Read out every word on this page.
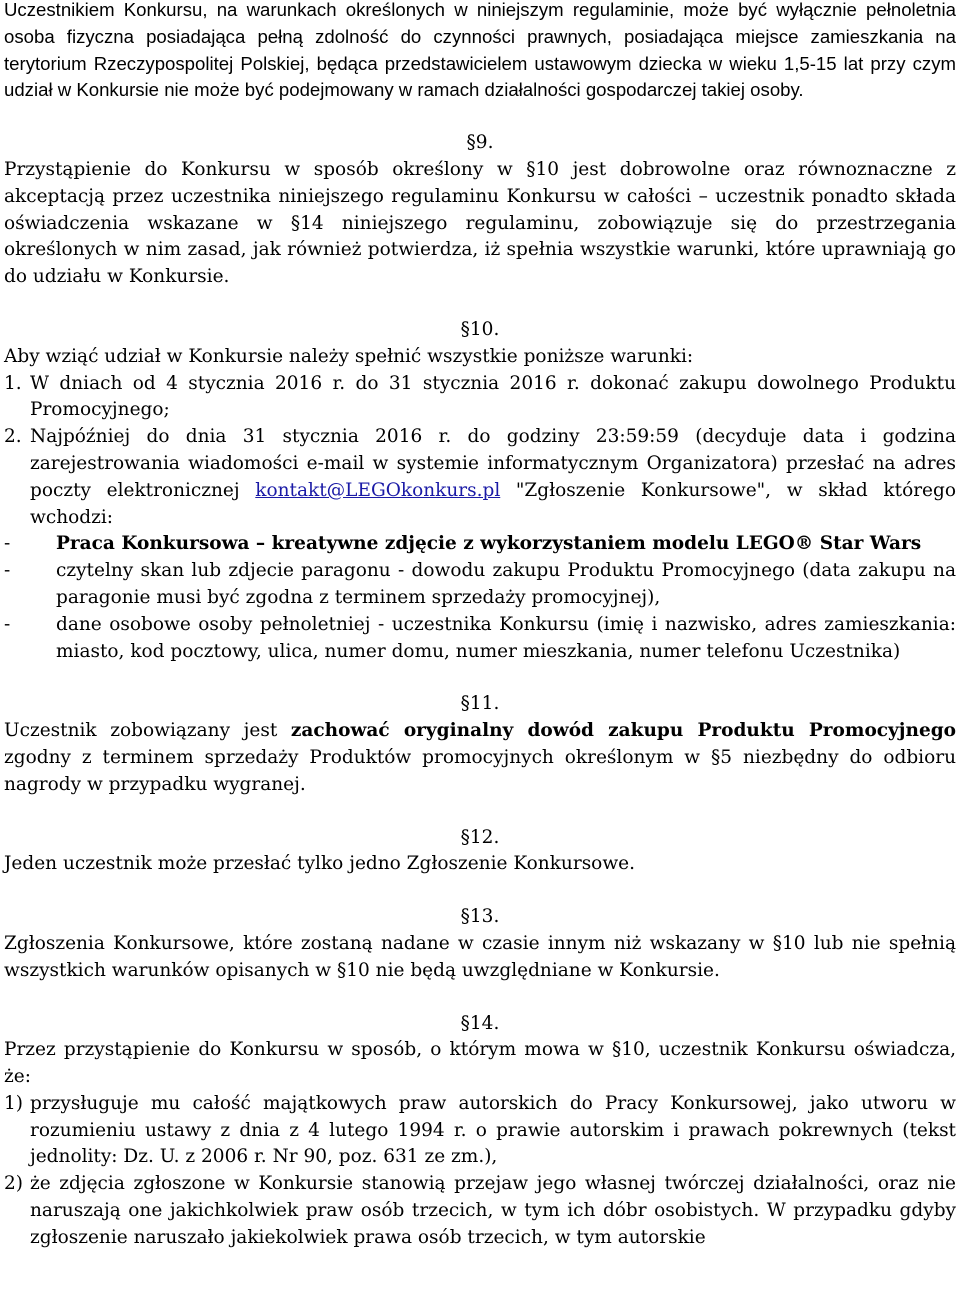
Uczestnikiem Konkursu, na warunkach określonych w niniejszym regulaminie, może być wyłącznie pełnoletnia osoba fizyczna posiadająca pełną zdolność do czynności prawnych, posiadająca miejsce zamieszkania na terytorium Rzeczypospolitej Polskiej, będąca przedstawicielem ustawowym dziecka w wieku 1,5-15 lat przy czym udział w Konkursie nie może być podejmowany w ramach działalności gospodarczej takiej osoby.

§9.

Przystąpienie do Konkursu w sposób określony w §10 jest dobrowolne oraz równoznaczne z akceptacją przez uczestnika niniejszego regulaminu Konkursu w całości – uczestnik ponadto składa oświadczenia wskazane w §14 niniejszego regulaminu, zobowiązuje się do przestrzegania określonych w nim zasad, jak również potwierdza, iż spełnia wszystkie warunki, które uprawniają go do udziału w Konkursie.

§10.

Aby wziąć udział w Konkursie należy spełnić wszystkie poniższe warunki:

1. W dniach od 4 stycznia 2016 r. do 31 stycznia 2016 r. dokonać zakupu dowolnego Produktu Promocyjnego;
2. Najpóźniej do dnia 31 stycznia 2016 r. do godziny 23:59:59 (decyduje data i godzina zarejestrowania wiadomości e-mail w systemie informatycznym Organizatora) przesłać na adres poczty elektronicznej kontakt@LEGOkonkurs.pl "Zgłoszenie Konkursowe", w skład którego wchodzi:
-	Praca Konkursowa – kreatywne zdjęcie z wykorzystaniem modelu LEGO® Star Wars
-	czytelny skan lub zdjecie paragonu - dowodu zakupu Produktu Promocyjnego (data zakupu na paragonie musi być zgodna z terminem sprzedaży promocyjnej),
-	dane osobowe osoby pełnoletniej - uczestnika Konkursu (imię i nazwisko, adres zamieszkania: miasto, kod pocztowy, ulica, numer domu, numer mieszkania, numer telefonu Uczestnika)

§11.

Uczestnik zobowiązany jest zachować oryginalny dowód zakupu Produktu Promocyjnego zgodny z terminem sprzedaży Produktów promocyjnych określonym w §5 niezbędny do odbioru nagrody w przypadku wygranej.

§12.

Jeden uczestnik może przesłać tylko jedno Zgłoszenie Konkursowe.

§13.

Zgłoszenia Konkursowe, które zostaną nadane w czasie innym niż wskazany w §10 lub nie spełnią wszystkich warunków opisanych w §10 nie będą uwzględniane w Konkursie.

§14.

Przez przystąpienie do Konkursu w sposób, o którym mowa w §10, uczestnik Konkursu oświadcza, że:

1) przysługuje mu całość majątkowych praw autorskich do Pracy Konkursowej, jako utworu w rozumieniu ustawy z dnia z 4 lutego 1994 r. o prawie autorskim i prawach pokrewnych (tekst jednolity: Dz. U. z 2006 r. Nr 90, poz. 631 ze zm.),
2) że zdjęcia zgłoszone w Konkursie stanowią przejaw jego własnej twórczej działalności, oraz nie naruszają one jakichkolwiek praw osób trzecich, w tym ich dóbr osobistych. W przypadku gdyby zgłoszenie naruszało jakiekolwiek prawa osób trzecich, w tym autorskie
